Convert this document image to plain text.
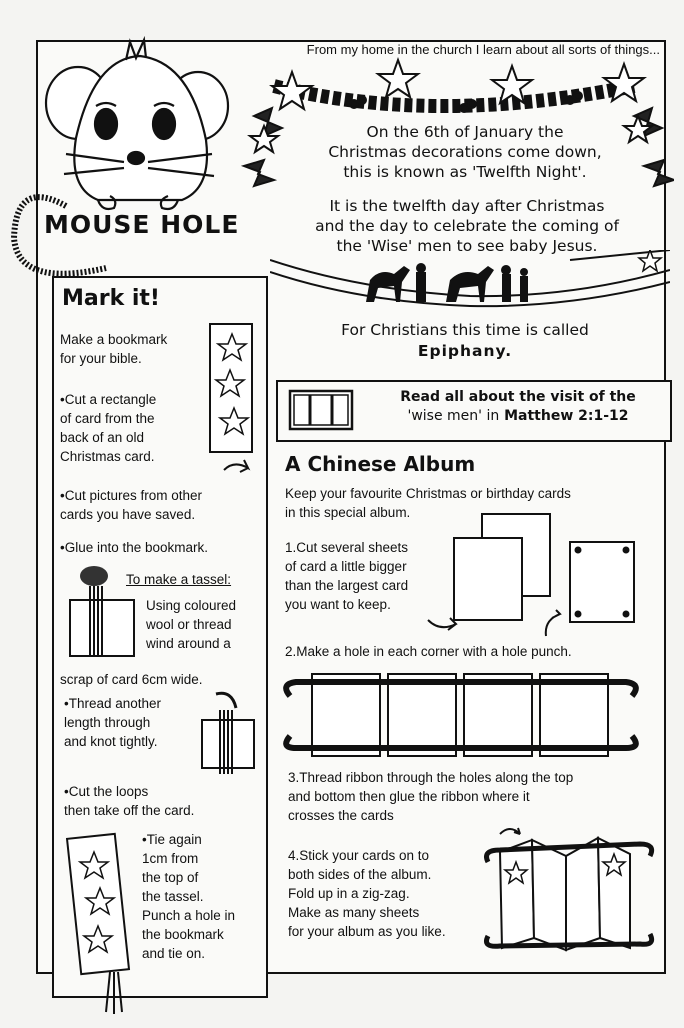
From my home in the church I learn about all sorts of things...
MOUSE HOLE
On the 6th of January the
Christmas decorations come down,
this is known as 'Twelfth Night'.
It is the twelfth day after Christmas
and the day to celebrate the coming of
the 'Wise' men to see baby Jesus.
For Christians this time is called
Epiphany.
Read all about the visit of the
'wise men' in Matthew 2:1-12
Mark it!
Make a bookmark
for your bible.
•Cut a rectangle
of card from the
back of an old
Christmas card.
•Cut pictures from other
cards you have saved.
•Glue into the bookmark.
To make a tassel:
Using coloured
wool or thread
wind around a
scrap of card 6cm wide.
•Thread another
length through
and knot tightly.
•Cut the loops
then take off the card.
•Tie again
1cm from
the top of
the tassel.
Punch a hole in
the bookmark
and tie on.
A Chinese Album
Keep your favourite Christmas or birthday cards
in this special album.
1.Cut several sheets
of card a little bigger
than the largest card
you want to keep.
2.Make a hole in each corner with a hole punch.
3.Thread ribbon through the holes along the top
and bottom then glue the ribbon where it
crosses the cards
4.Stick your cards on to
both sides of the album.
Fold up in a zig-zag.
Make as many sheets
for your album as you like.
